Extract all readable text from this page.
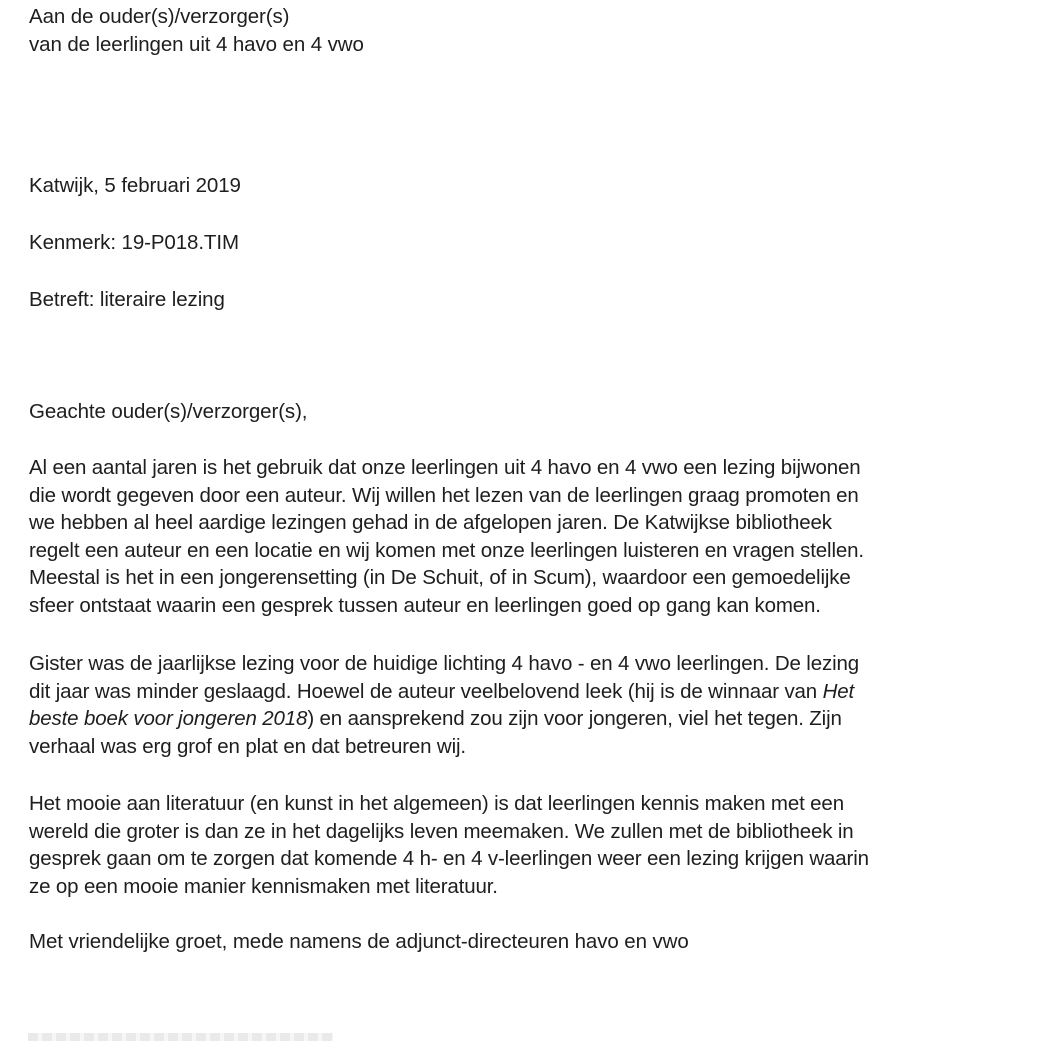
Aan de ouder(s)/verzorger(s)
van de leerlingen uit 4 havo en 4 vwo
Katwijk, 5 februari 2019
Kenmerk: 19-P018.TIM
Betreft: literaire lezing
Geachte ouder(s)/verzorger(s),
Al een aantal jaren is het gebruik dat onze leerlingen uit 4 havo en 4 vwo een lezing bijwonen
die wordt gegeven door een auteur. Wij willen het lezen van de leerlingen graag promoten en
we hebben al heel aardige lezingen gehad in de afgelopen jaren. De Katwijkse bibliotheek
regelt een auteur en een locatie en wij komen met onze leerlingen luisteren en vragen stellen.
Meestal is het in een jongerensetting (in De Schuit, of in Scum), waardoor een gemoedelijke
sfeer ontstaat waarin een gesprek tussen auteur en leerlingen goed op gang kan komen.
Gister was de jaarlijkse lezing voor de huidige lichting 4 havo - en 4 vwo leerlingen. De lezing
dit jaar was minder geslaagd. Hoewel de auteur veelbelovend leek (hij is de winnaar van Het
beste boek voor jongeren 2018) en aansprekend zou zijn voor jongeren, viel het tegen. Zijn
verhaal was erg grof en plat en dat betreuren wij.
Het mooie aan literatuur (en kunst in het algemeen) is dat leerlingen kennis maken met een
wereld die groter is dan ze in het dagelijks leven meemaken. We zullen met de bibliotheek in
gesprek gaan om te zorgen dat komende 4 h- en 4 v-leerlingen weer een lezing krijgen waarin
ze op een mooie manier kennismaken met literatuur.
Met vriendelijke groet, mede namens de adjunct-directeuren havo en vwo
